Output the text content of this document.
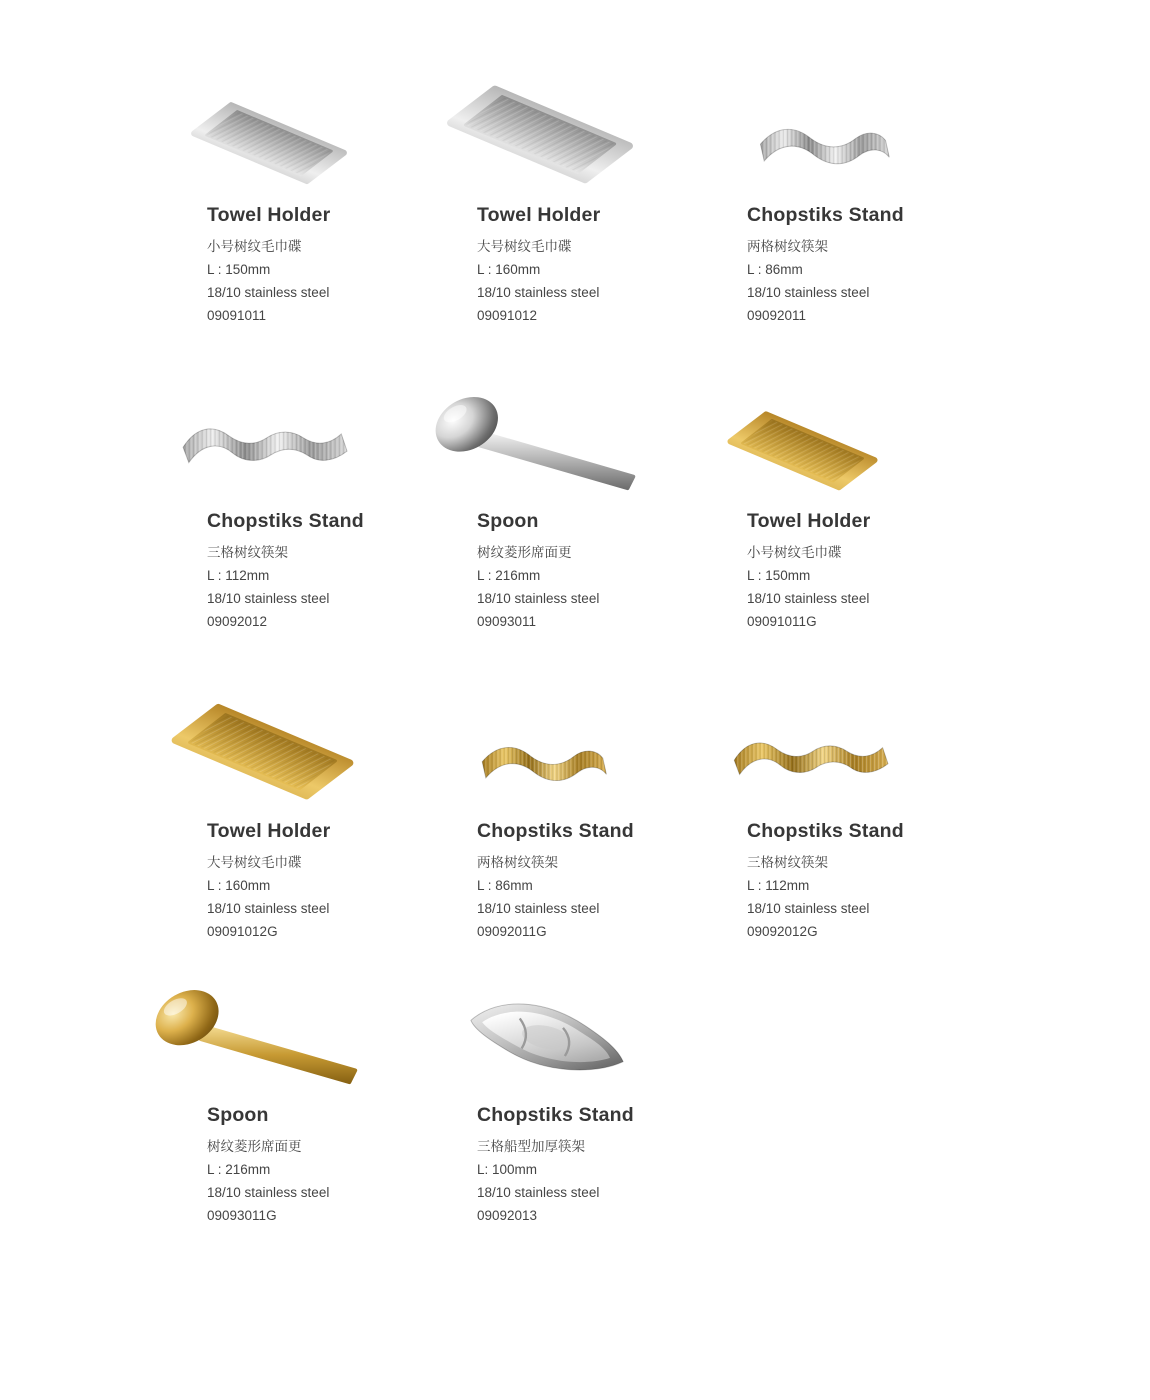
Towel Holder
小号树纹毛巾碟
L : 150mm
18/10 stainless steel
09091011
Towel Holder
大号树纹毛巾碟
L : 160mm
18/10 stainless steel
09091012
Chopstiks Stand
两格树纹筷架
L : 86mm
18/10 stainless steel
09092011
Chopstiks Stand
三格树纹筷架
L : 112mm
18/10 stainless steel
09092012
Spoon
树纹菱形席面更
L : 216mm
18/10 stainless steel
09093011
Towel Holder
小号树纹毛巾碟
L : 150mm
18/10 stainless steel
09091011G
Towel Holder
大号树纹毛巾碟
L : 160mm
18/10 stainless steel
09091012G
Chopstiks Stand
两格树纹筷架
L : 86mm
18/10 stainless steel
09092011G
Chopstiks Stand
三格树纹筷架
L : 112mm
18/10 stainless steel
09092012G
Spoon
树纹菱形席面更
L : 216mm
18/10 stainless steel
09093011G
Chopstiks Stand
三格船型加厚筷架
L: 100mm
18/10 stainless steel
09092013
